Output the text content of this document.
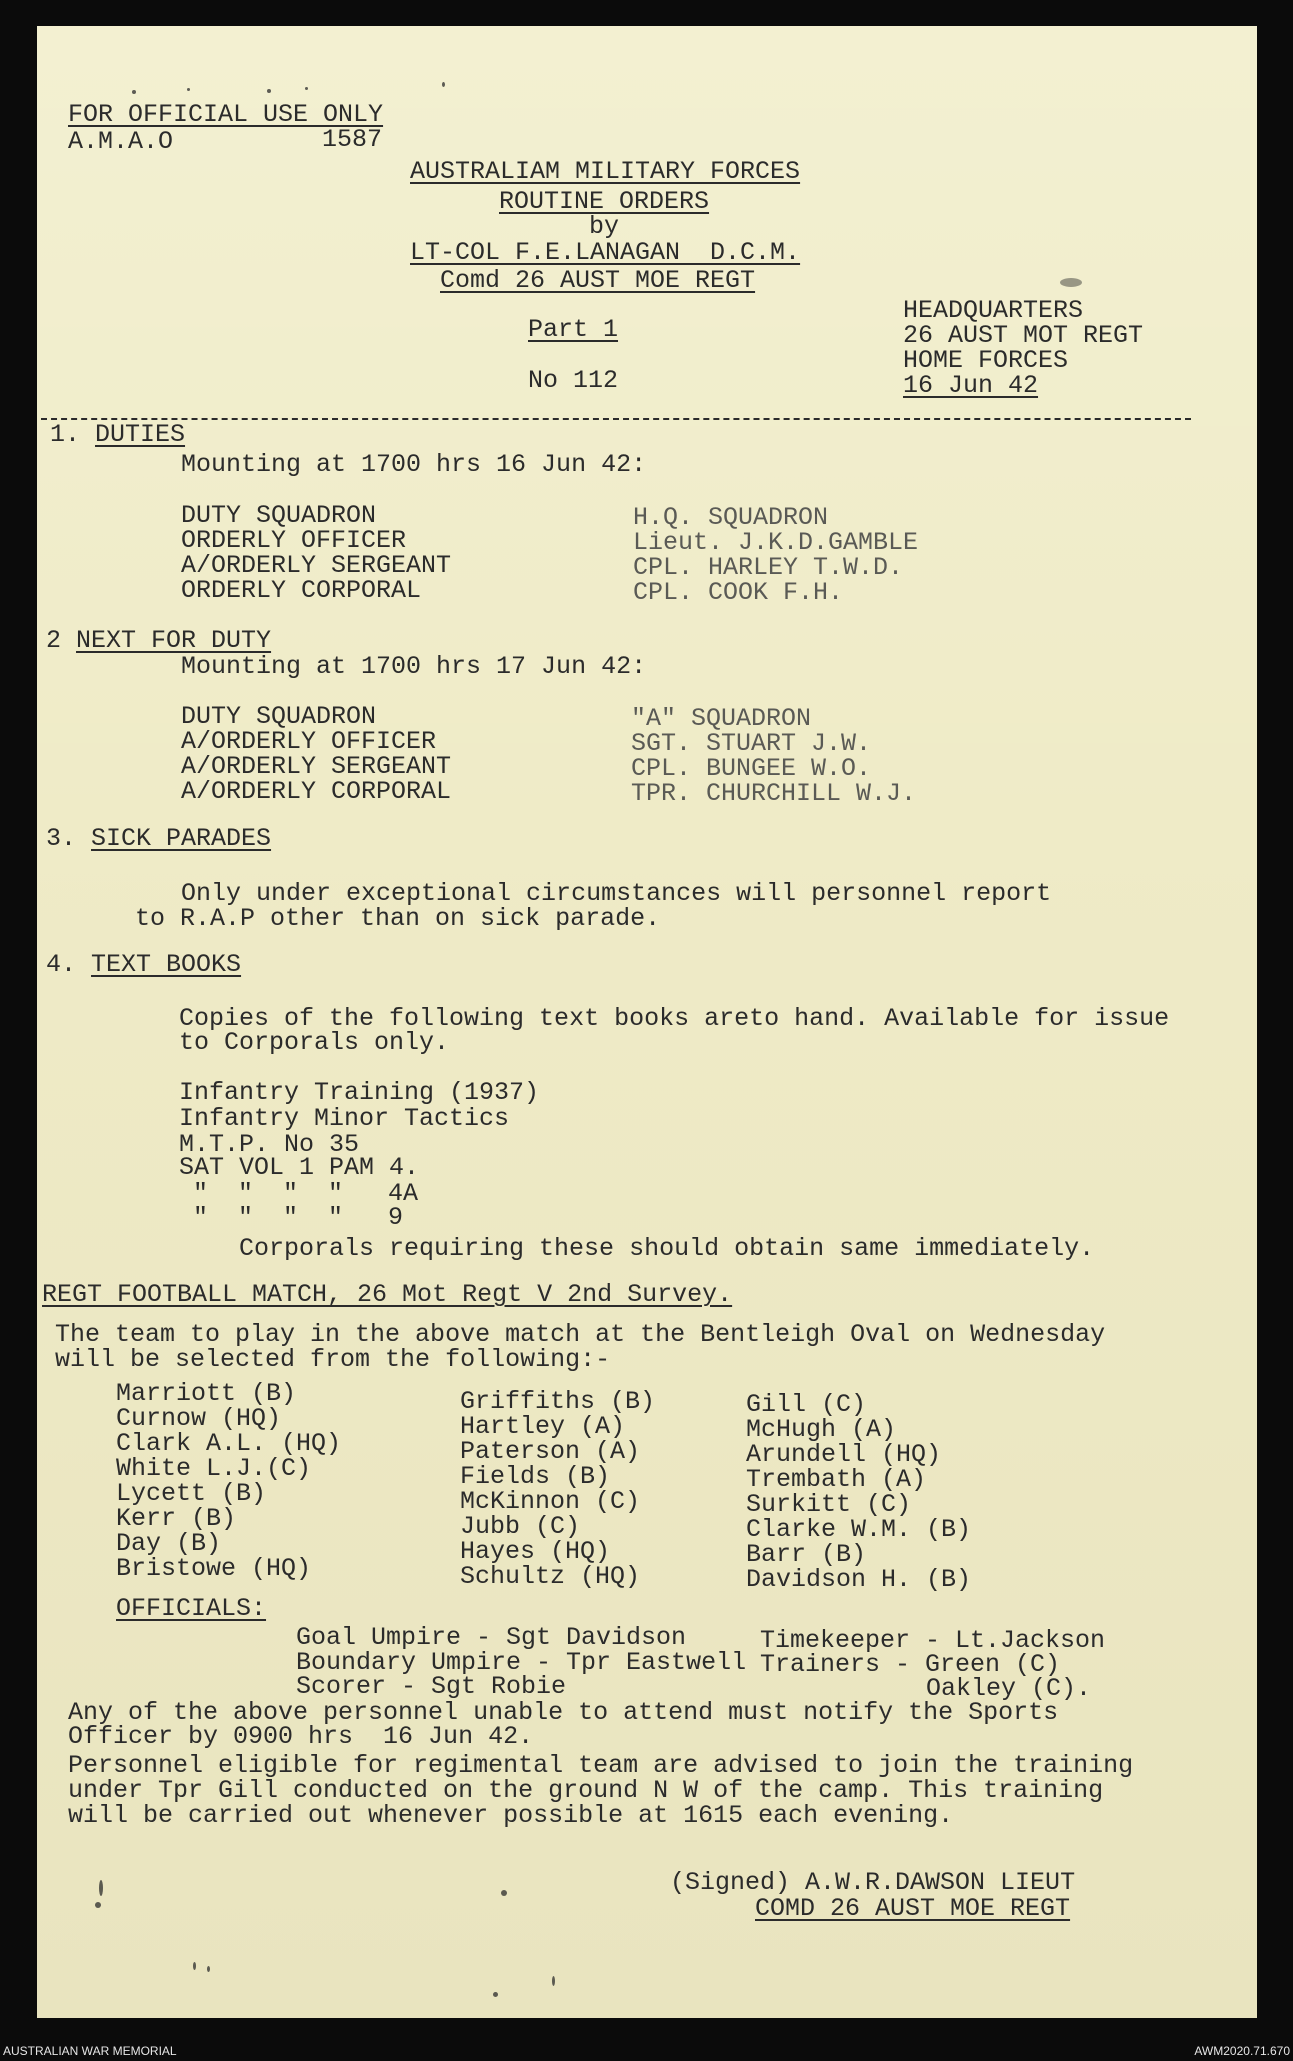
FOR OFFICIAL USE ONLY
A.M.A.O	1587
AUSTRALIAM MILITARY FORCES
ROUTINE ORDERS
by
LT-COL F.E.LANAGAN  D.C.M.
Comd 26 AUST MOE REGT
Part 1
No 112
HEADQUARTERS
26 AUST MOT REGT
HOME FORCES
16 Jun 42
1. DUTIES
Mounting at 1700 hrs 16 Jun 42:
DUTY SQUADRON
ORDERLY OFFICER
A/ORDERLY SERGEANT
ORDERLY CORPORAL
H.Q. SQUADRON
Lieut. J.K.D.GAMBLE
CPL. HARLEY T.W.D.
CPL. COOK F.H.
2 NEXT FOR DUTY
Mounting at 1700 hrs 17 Jun 42:
DUTY SQUADRON
A/ORDERLY OFFICER
A/ORDERLY SERGEANT
A/ORDERLY CORPORAL
"A" SQUADRON
SGT. STUART J.W.
CPL. BUNGEE W.O.
TPR. CHURCHILL W.J.
3. SICK PARADES
Only under exceptional circumstances will personnel report
to R.A.P other than on sick parade.
4. TEXT BOOKS
Copies of the following text books areto hand. Available for issue
to Corporals only.
Infantry Training (1937)
Infantry Minor Tactics
M.T.P. No 35
SAT VOL 1 PAM 4.
"  "  "  "   4A
"  "  "  "   9
Corporals requiring these should obtain same immediately.
REGT FOOTBALL MATCH, 26 Mot Regt V 2nd Survey.
The team to play in the above match at the Bentleigh Oval on Wednesday
will be selected from the following:-
Marriott (B)
Curnow (HQ)
Clark A.L. (HQ)
White L.J.(C)
Lycett (B)
Kerr (B)
Day (B)
Bristowe (HQ)
Griffiths (B)
Hartley (A)
Paterson (A)
Fields (B)
McKinnon (C)
Jubb (C)
Hayes (HQ)
Schultz (HQ)
Gill (C)
McHugh (A)
Arundell (HQ)
Trembath (A)
Surkitt (C)
Clarke W.M. (B)
Barr (B)
Davidson H. (B)
OFFICIALS:
Goal Umpire - Sgt Davidson
Boundary Umpire - Tpr Eastwell
Scorer - Sgt Robie
Timekeeper - Lt.Jackson
Trainers - Green (C)
Oakley (C).
Any of the above personnel unable to attend must notify the Sports
Officer by 0900 hrs  16 Jun 42.
Personnel eligible for regimental team are advised to join the training
under Tpr Gill conducted on the ground N W of the camp. This training
will be carried out whenever possible at 1615 each evening.
(Signed) A.W.R.DAWSON LIEUT
COMD 26 AUST MOE REGT
AUSTRALIAN WAR MEMORIAL	AWM2020.71.670
